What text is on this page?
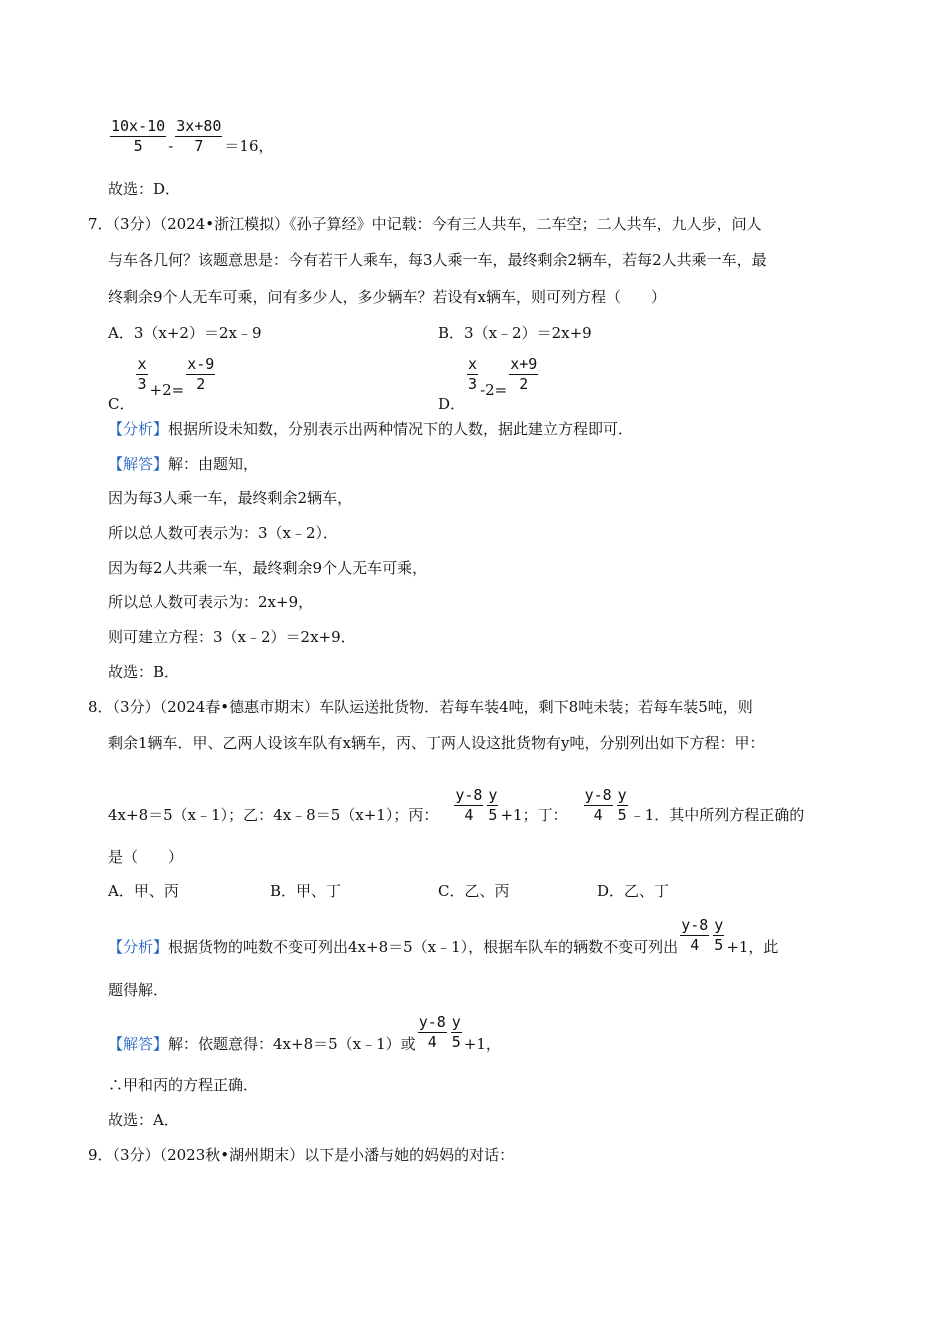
$\frac{10x-10}{5} - \frac{3x+80}{7} =16$，
故选：D．
7．（3分）（2024•浙江模拟）《孙子算经》中记载：今有三人共车，二车空；二人共车，九人步，问人
与车各几何？该题意思是：今有若干人乘车，每3人乘一车，最终剩余2辆车，若每2人共乘一车，最
终剩余9个人无车可乘，问有多少人，多少辆车？若设有x辆车，则可列方程（　　）
A．3（x+2）＝2x﹣9	B．3（x﹣2）＝2x+9
C．
$\frac{x}{3} +2= \frac{x-9}{2}$
D．
$\frac{x}{3} -2= \frac{x+9}{2}$
【分析】根据所设未知数，分别表示出两种情况下的人数，据此建立方程即可．
【解答】解：由题知，
因为每3人乘一车，最终剩余2辆车，
所以总人数可表示为：3（x﹣2）．
因为每2人共乘一车，最终剩余9个人无车可乘，
所以总人数可表示为：2x+9，
则可建立方程：3（x﹣2）＝2x+9．
故选：B．
8．（3分）（2024春•德惠市期末）车队运送批货物．若每车装4吨，剩下8吨未装；若每车装5吨，则
剩余1辆车．甲、乙两人设该车队有x辆车，丙、丁两人设这批货物有y吨，分别列出如下方程：甲：
4x+8＝5（x﹣1）；乙：4x﹣8＝5（x+1）；丙： $\frac{y-8}{4} \frac{y}{5} +1$；丁： $\frac{y-8}{4} \frac{y}{5}$ ﹣1．其中所列方程正确的
是（　　）
A．甲、丙	B．甲、丁	C．乙、丙	D．乙、丁
【分析】根据货物的吨数不变可列出4x+8＝5（x﹣1），根据车队车的辆数不变可列出 $\frac{y-8}{4} \frac{y}{5} +1$，此
题得解．
【解答】解：依题意得：4x+8＝5（x﹣1）或 $\frac{y-8}{4} \frac{y}{5} +1$，
∴甲和丙的方程正确．
故选：A．
9．（3分）（2023秋•湖州期末）以下是小潘与她的妈妈的对话：
